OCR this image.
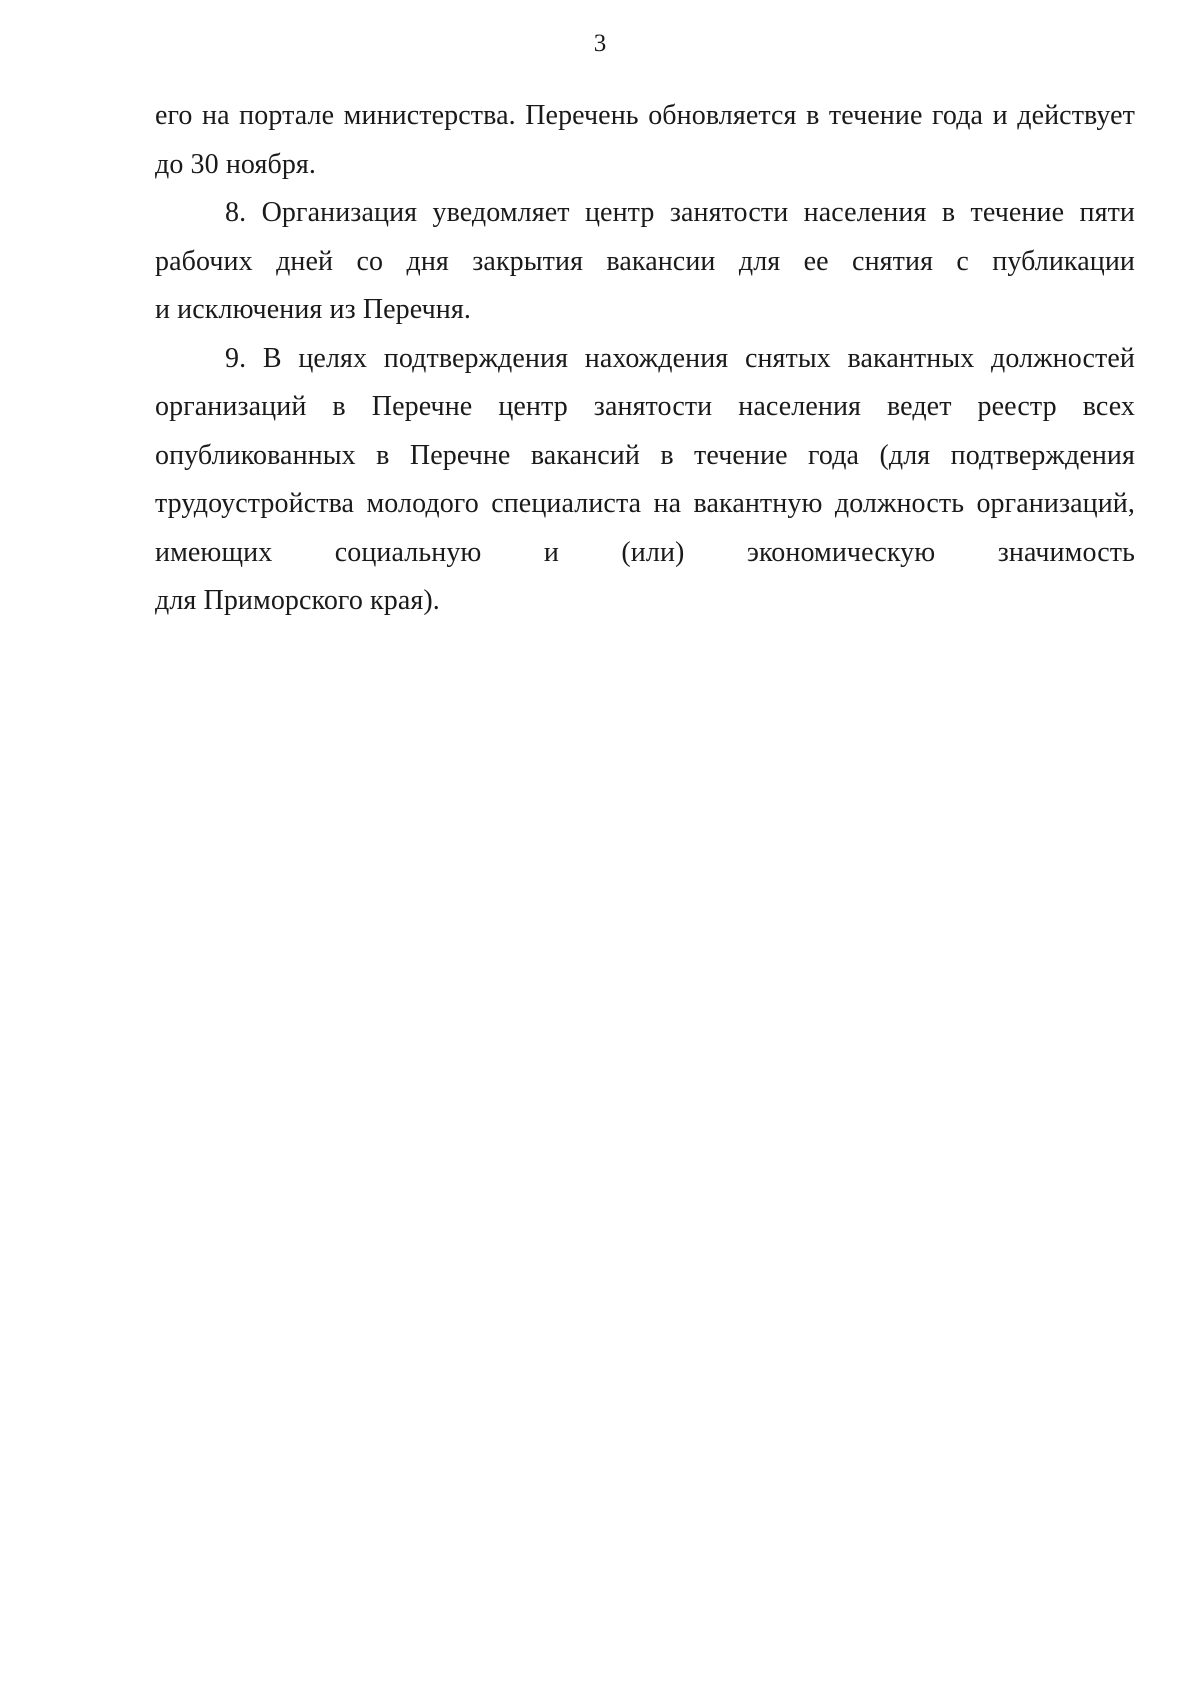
3

его на портале министерства. Перечень обновляется в течение года и действует
до 30 ноября.

8. Организация уведомляет центр занятости населения в течение пяти
рабочих дней со дня закрытия вакансии для ее снятия с публикации
и исключения из Перечня.

9. В целях подтверждения нахождения снятых вакантных должностей
организаций в Перечне центр занятости населения ведет реестр всех
опубликованных в Перечне вакансий в течение года (для подтверждения
трудоустройства молодого специалиста на вакантную должность организаций,
имеющих социальную и (или) экономическую значимость
для Приморского края).
